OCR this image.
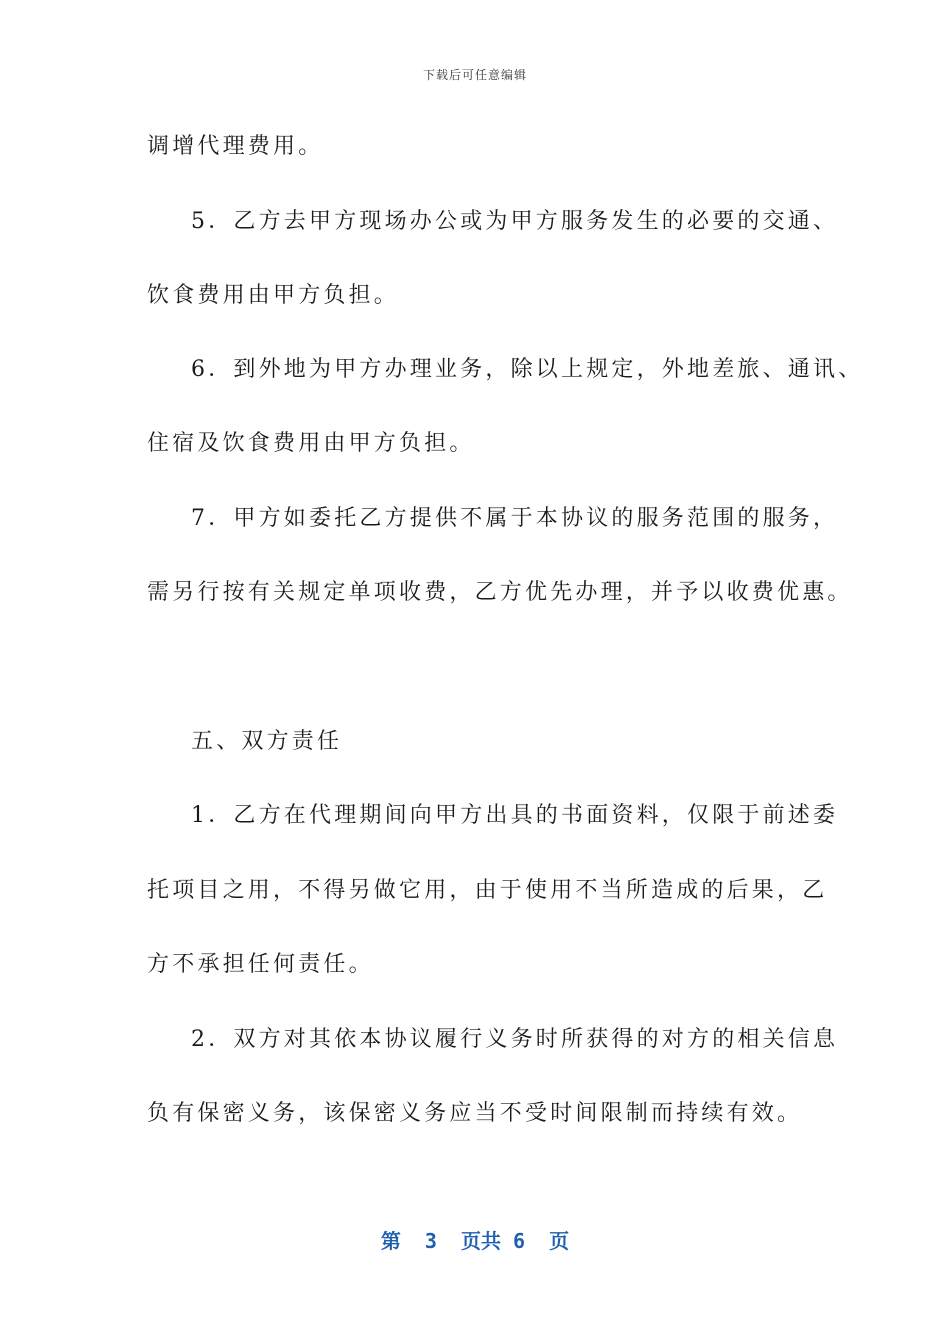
下载后可任意编辑
调增代理费用。
5．乙方去甲方现场办公或为甲方服务发生的必要的交通、
饮食费用由甲方负担。
6．到外地为甲方办理业务，除以上规定，外地差旅、通讯、
住宿及饮食费用由甲方负担。
7．甲方如委托乙方提供不属于本协议的服务范围的服务，
需另行按有关规定单项收费，乙方优先办理，并予以收费优惠。
五、双方责任
1．乙方在代理期间向甲方出具的书面资料，仅限于前述委
托项目之用，不得另做它用，由于使用不当所造成的后果，乙
方不承担任何责任。
2．双方对其依本协议履行义务时所获得的对方的相关信息
负有保密义务，该保密义务应当不受时间限制而持续有效。
第  3  页共 6  页
